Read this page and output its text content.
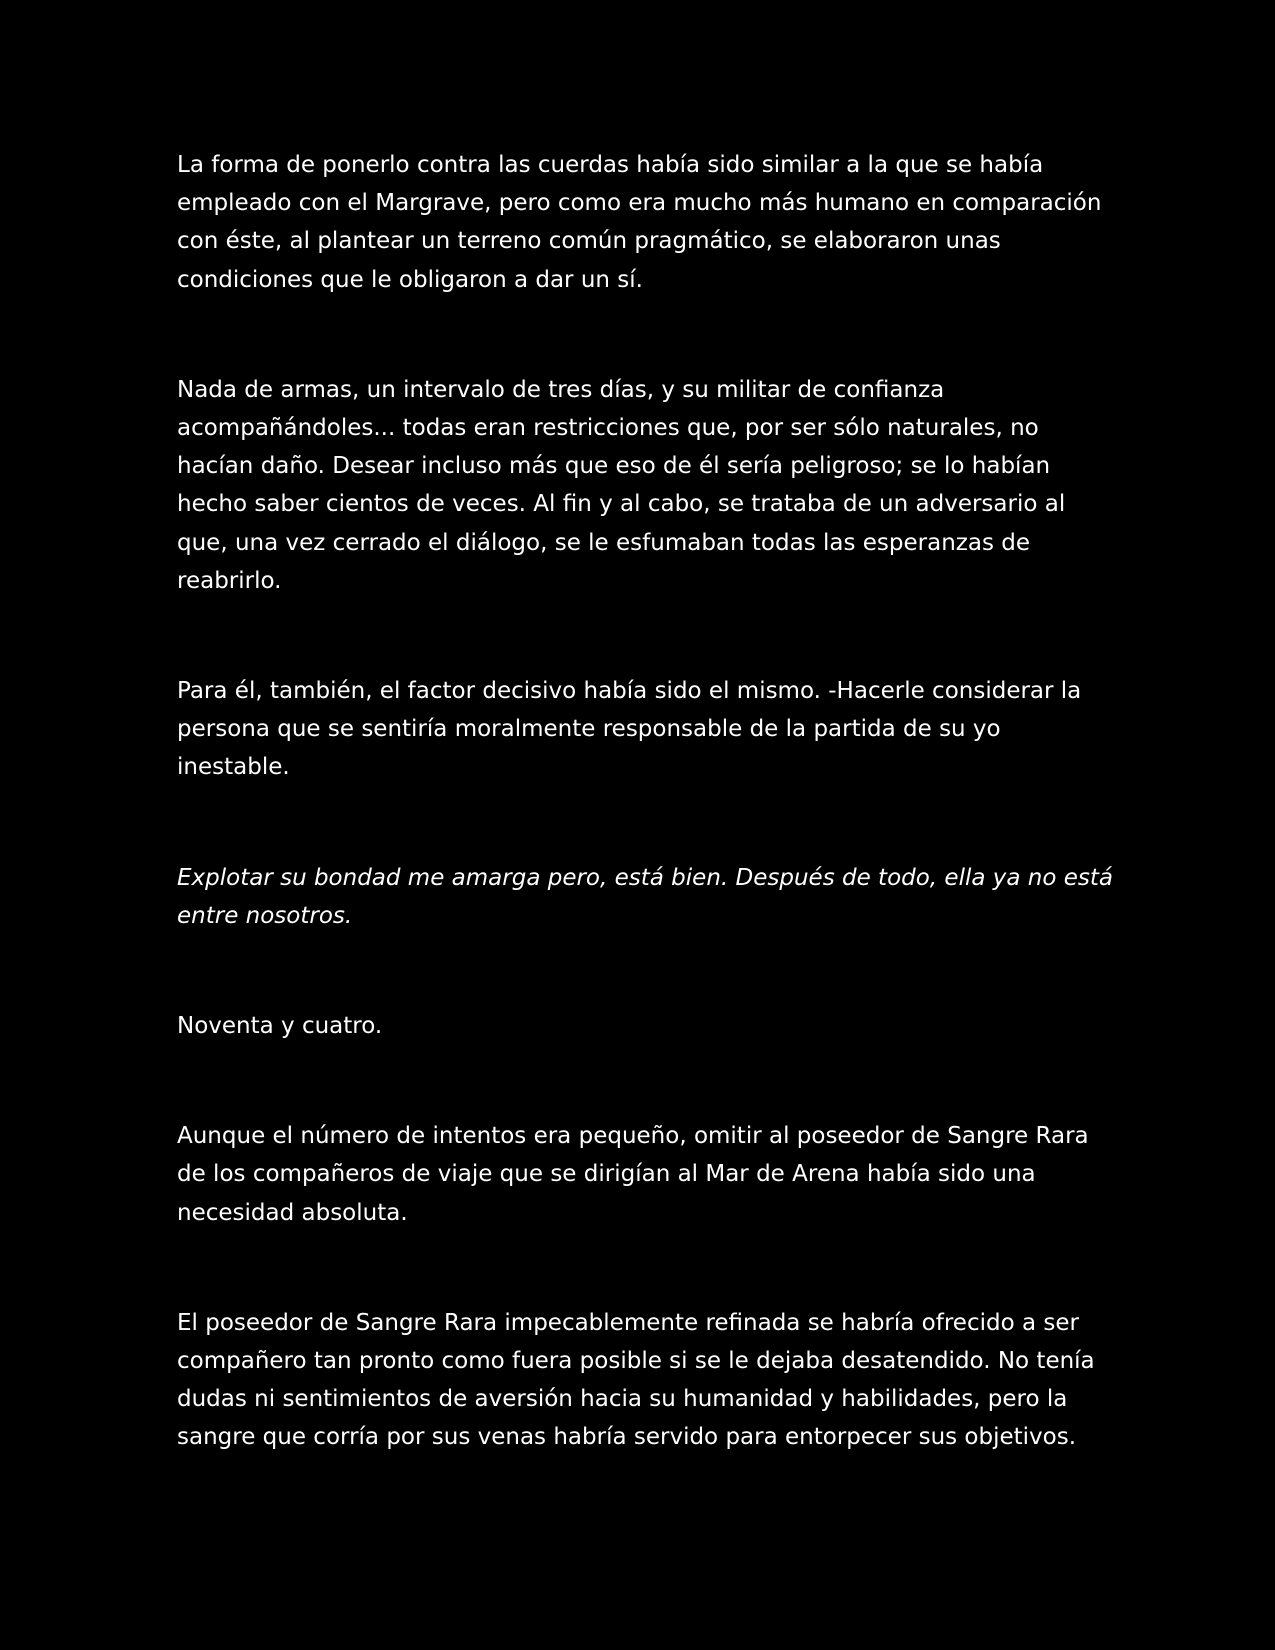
La forma de ponerlo contra las cuerdas había sido similar a la que se había empleado con el Margrave, pero como era mucho más humano en comparación con éste, al plantear un terreno común pragmático, se elaboraron unas condiciones que le obligaron a dar un sí.

Nada de armas, un intervalo de tres días, y su militar de confianza acompañándoles... todas eran restricciones que, por ser sólo naturales, no hacían daño. Desear incluso más que eso de él sería peligroso; se lo habían hecho saber cientos de veces. Al fin y al cabo, se trataba de un adversario al que, una vez cerrado el diálogo, se le esfumaban todas las esperanzas de reabrirlo.

Para él, también, el factor decisivo había sido el mismo. -Hacerle considerar la persona que se sentiría moralmente responsable de la partida de su yo inestable.

Explotar su bondad me amarga pero, está bien. Después de todo, ella ya no está entre nosotros.

Noventa y cuatro.

Aunque el número de intentos era pequeño, omitir al poseedor de Sangre Rara de los compañeros de viaje que se dirigían al Mar de Arena había sido una necesidad absoluta.

El poseedor de Sangre Rara impecablemente refinada se habría ofrecido a ser compañero tan pronto como fuera posible si se le dejaba desatendido. No tenía dudas ni sentimientos de aversión hacia su humanidad y habilidades, pero la sangre que corría por sus venas habría servido para entorpecer sus objetivos.
